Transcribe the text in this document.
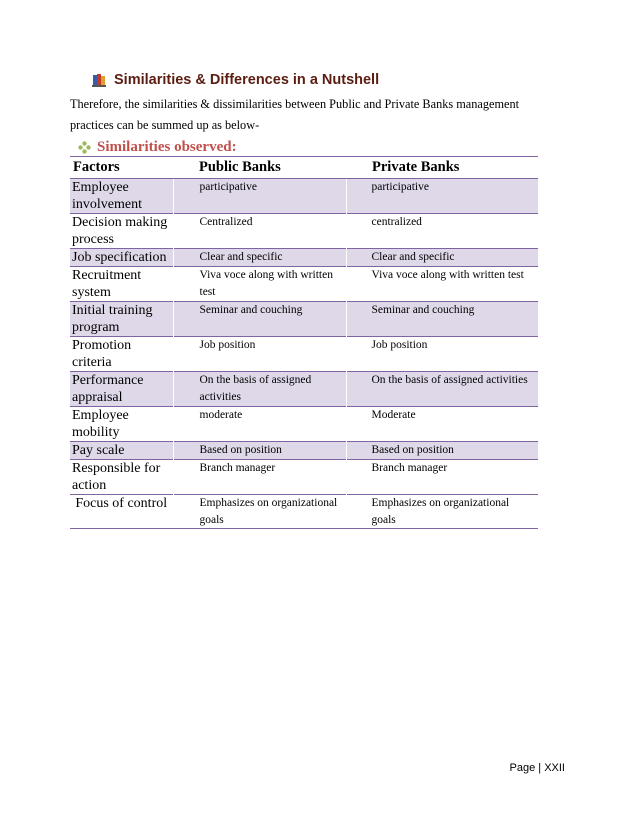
Similarities & Differences in a Nutshell
Therefore, the similarities & dissimilarities between Public and Private Banks management practices can be summed up as below-
Similarities observed:
Factors	Public Banks	Private Banks
Employee involvement	participative	participative
Decision making process	Centralized	centralized
Job specification	Clear and specific	Clear and specific
Recruitment system	Viva voce along with written test	Viva voce along with written test
Initial training program	Seminar and couching	Seminar and couching
Promotion criteria	Job position	Job position
Performance appraisal	On the basis of assigned activities	On the basis of assigned activities
Employee mobility	moderate	Moderate
Pay scale	Based on position	Based on position
Responsible for action	Branch manager	Branch manager
Focus of control	Emphasizes on organizational goals	Emphasizes on organizational goals
Page | XXII
